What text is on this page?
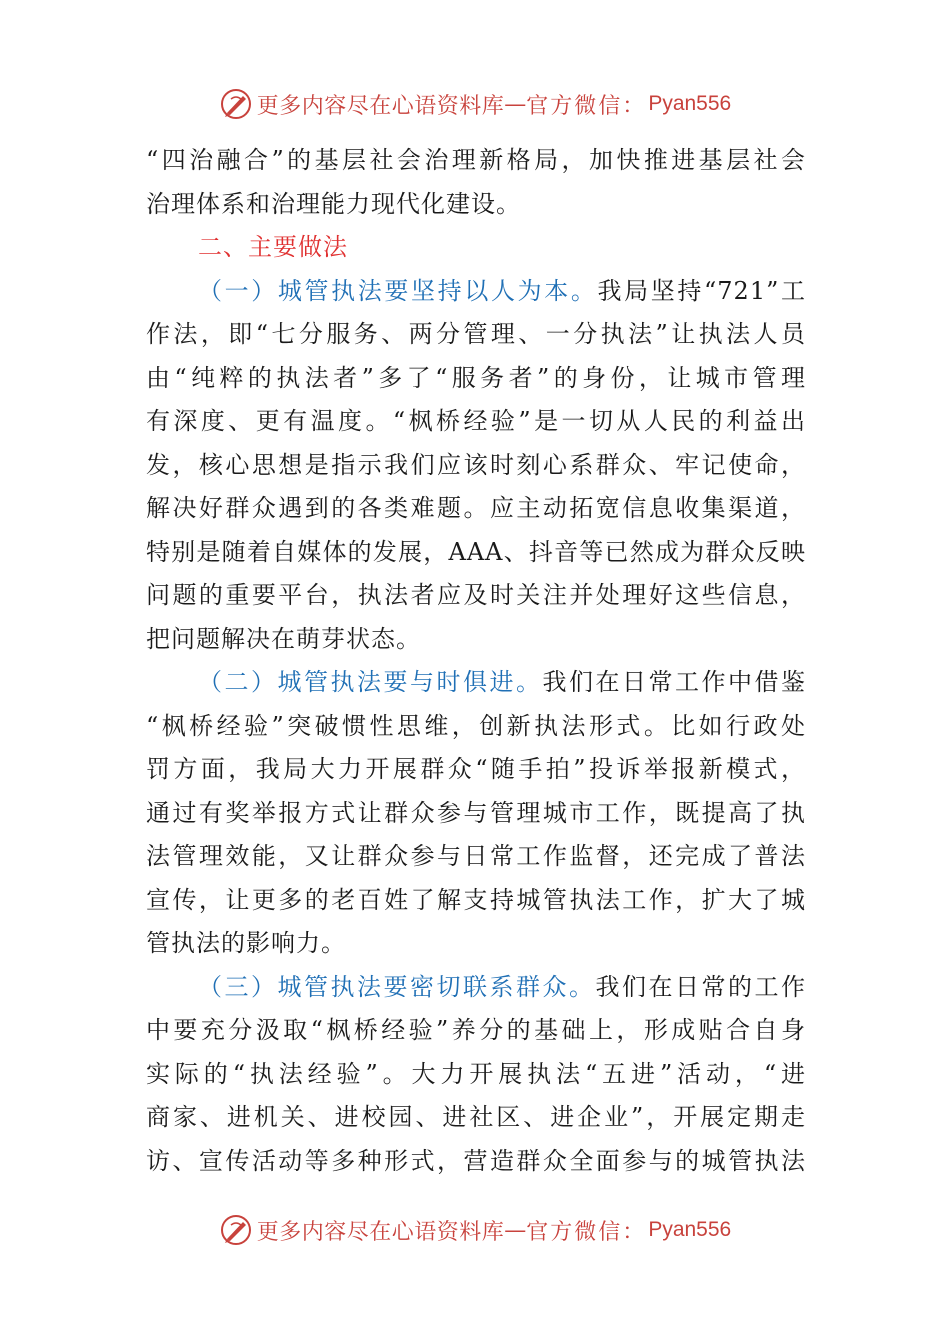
更多内容尽在心语资料库 — 官方微信： Pyan556
“四治融合”的基层社会治理新格局，加快推进基层社会
治理体系和治理能力现代化建设。
二、主要做法
（一）城管执法要坚持以人为本。我局坚持“721”工
作法，即“七分服务、两分管理、一分执法”让执法人员
由“纯粹的执法者”多了“服务者”的身份，让城市管理
有深度、更有温度。“枫桥经验”是一切从人民的利益出
发，核心思想是指示我们应该时刻心系群众、牢记使命，
解决好群众遇到的各类难题。应主动拓宽信息收集渠道，
特别是随着自媒体的发展，AAA、抖音等已然成为群众反映
问题的重要平台，执法者应及时关注并处理好这些信息，
把问题解决在萌芽状态。
（二）城管执法要与时俱进。我们在日常工作中借鉴
“枫桥经验”突破惯性思维，创新执法形式。比如行政处
罚方面，我局大力开展群众“随手拍”投诉举报新模式，
通过有奖举报方式让群众参与管理城市工作，既提高了执
法管理效能，又让群众参与日常工作监督，还完成了普法
宣传，让更多的老百姓了解支持城管执法工作，扩大了城
管执法的影响力。
（三）城管执法要密切联系群众。我们在日常的工作
中要充分汲取“枫桥经验”养分的基础上，形成贴合自身
实际的“执法经验”。大力开展执法“五进”活动，“进
商家、进机关、进校园、进社区、进企业”，开展定期走
访、宣传活动等多种形式，营造群众全面参与的城管执法
更多内容尽在心语资料库 — 官方微信： Pyan556
